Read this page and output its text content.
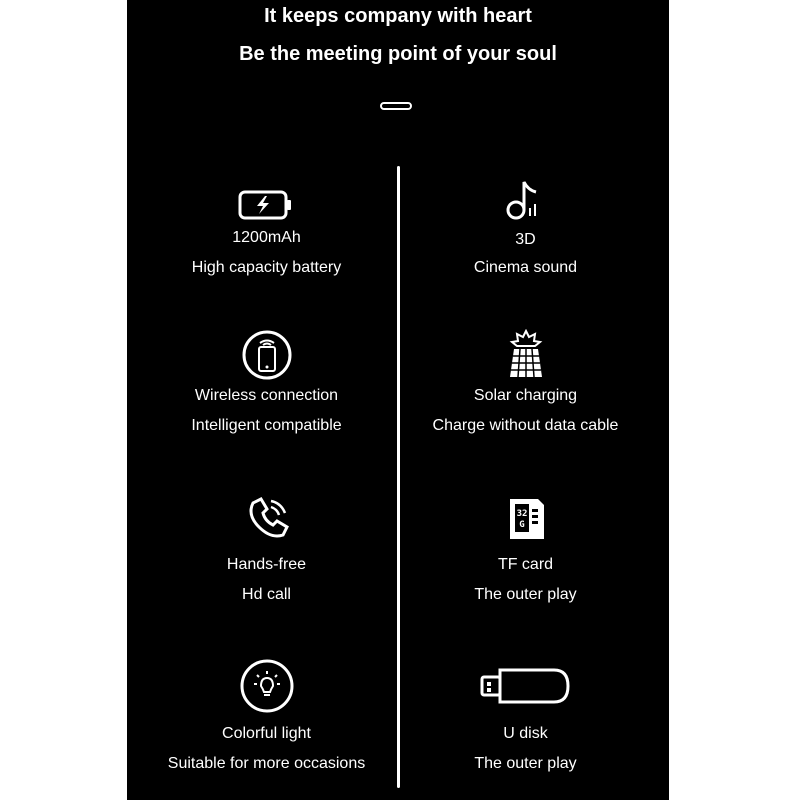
It keeps company with heart
Be the meeting point of your soul
1200mAh
High capacity battery
3D
Cinema sound
Wireless connection
Intelligent compatible
Solar charging
Charge without data cable
Hands-free
Hd call
32
G
TF card
The outer play
Colorful light
Suitable for more occasions
U disk
The outer play
